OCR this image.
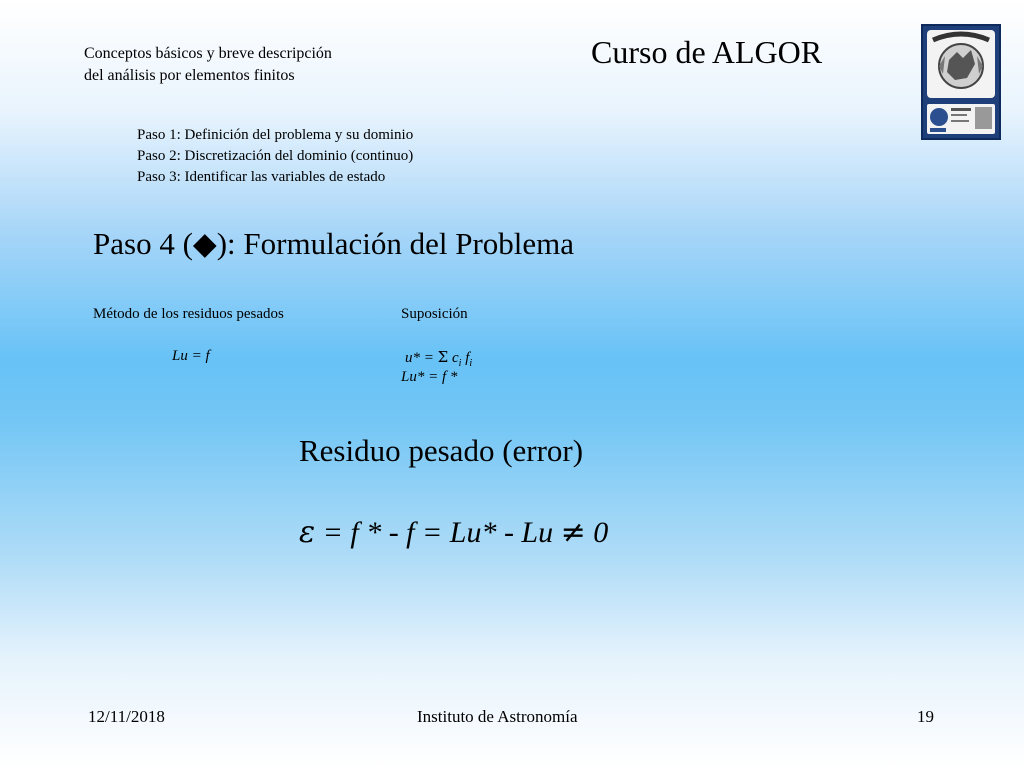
Conceptos básicos y breve descripción
del análisis por elementos finitos
Curso de ALGOR
Paso 1: Definición del problema y su dominio
Paso 2: Discretización del dominio (continuo)
Paso 3: Identificar las variables de estado
Paso 4 (◆): Formulación del Problema
Método de los residuos pesados
Lu = f
Suposición
u* = Σ $c_i$ $f_i$
Lu* = f *
Residuo pesado (error)
ε = f * - f = Lu* - Lu ≠ 0
12/11/2018	Instituto de Astronomía	19
